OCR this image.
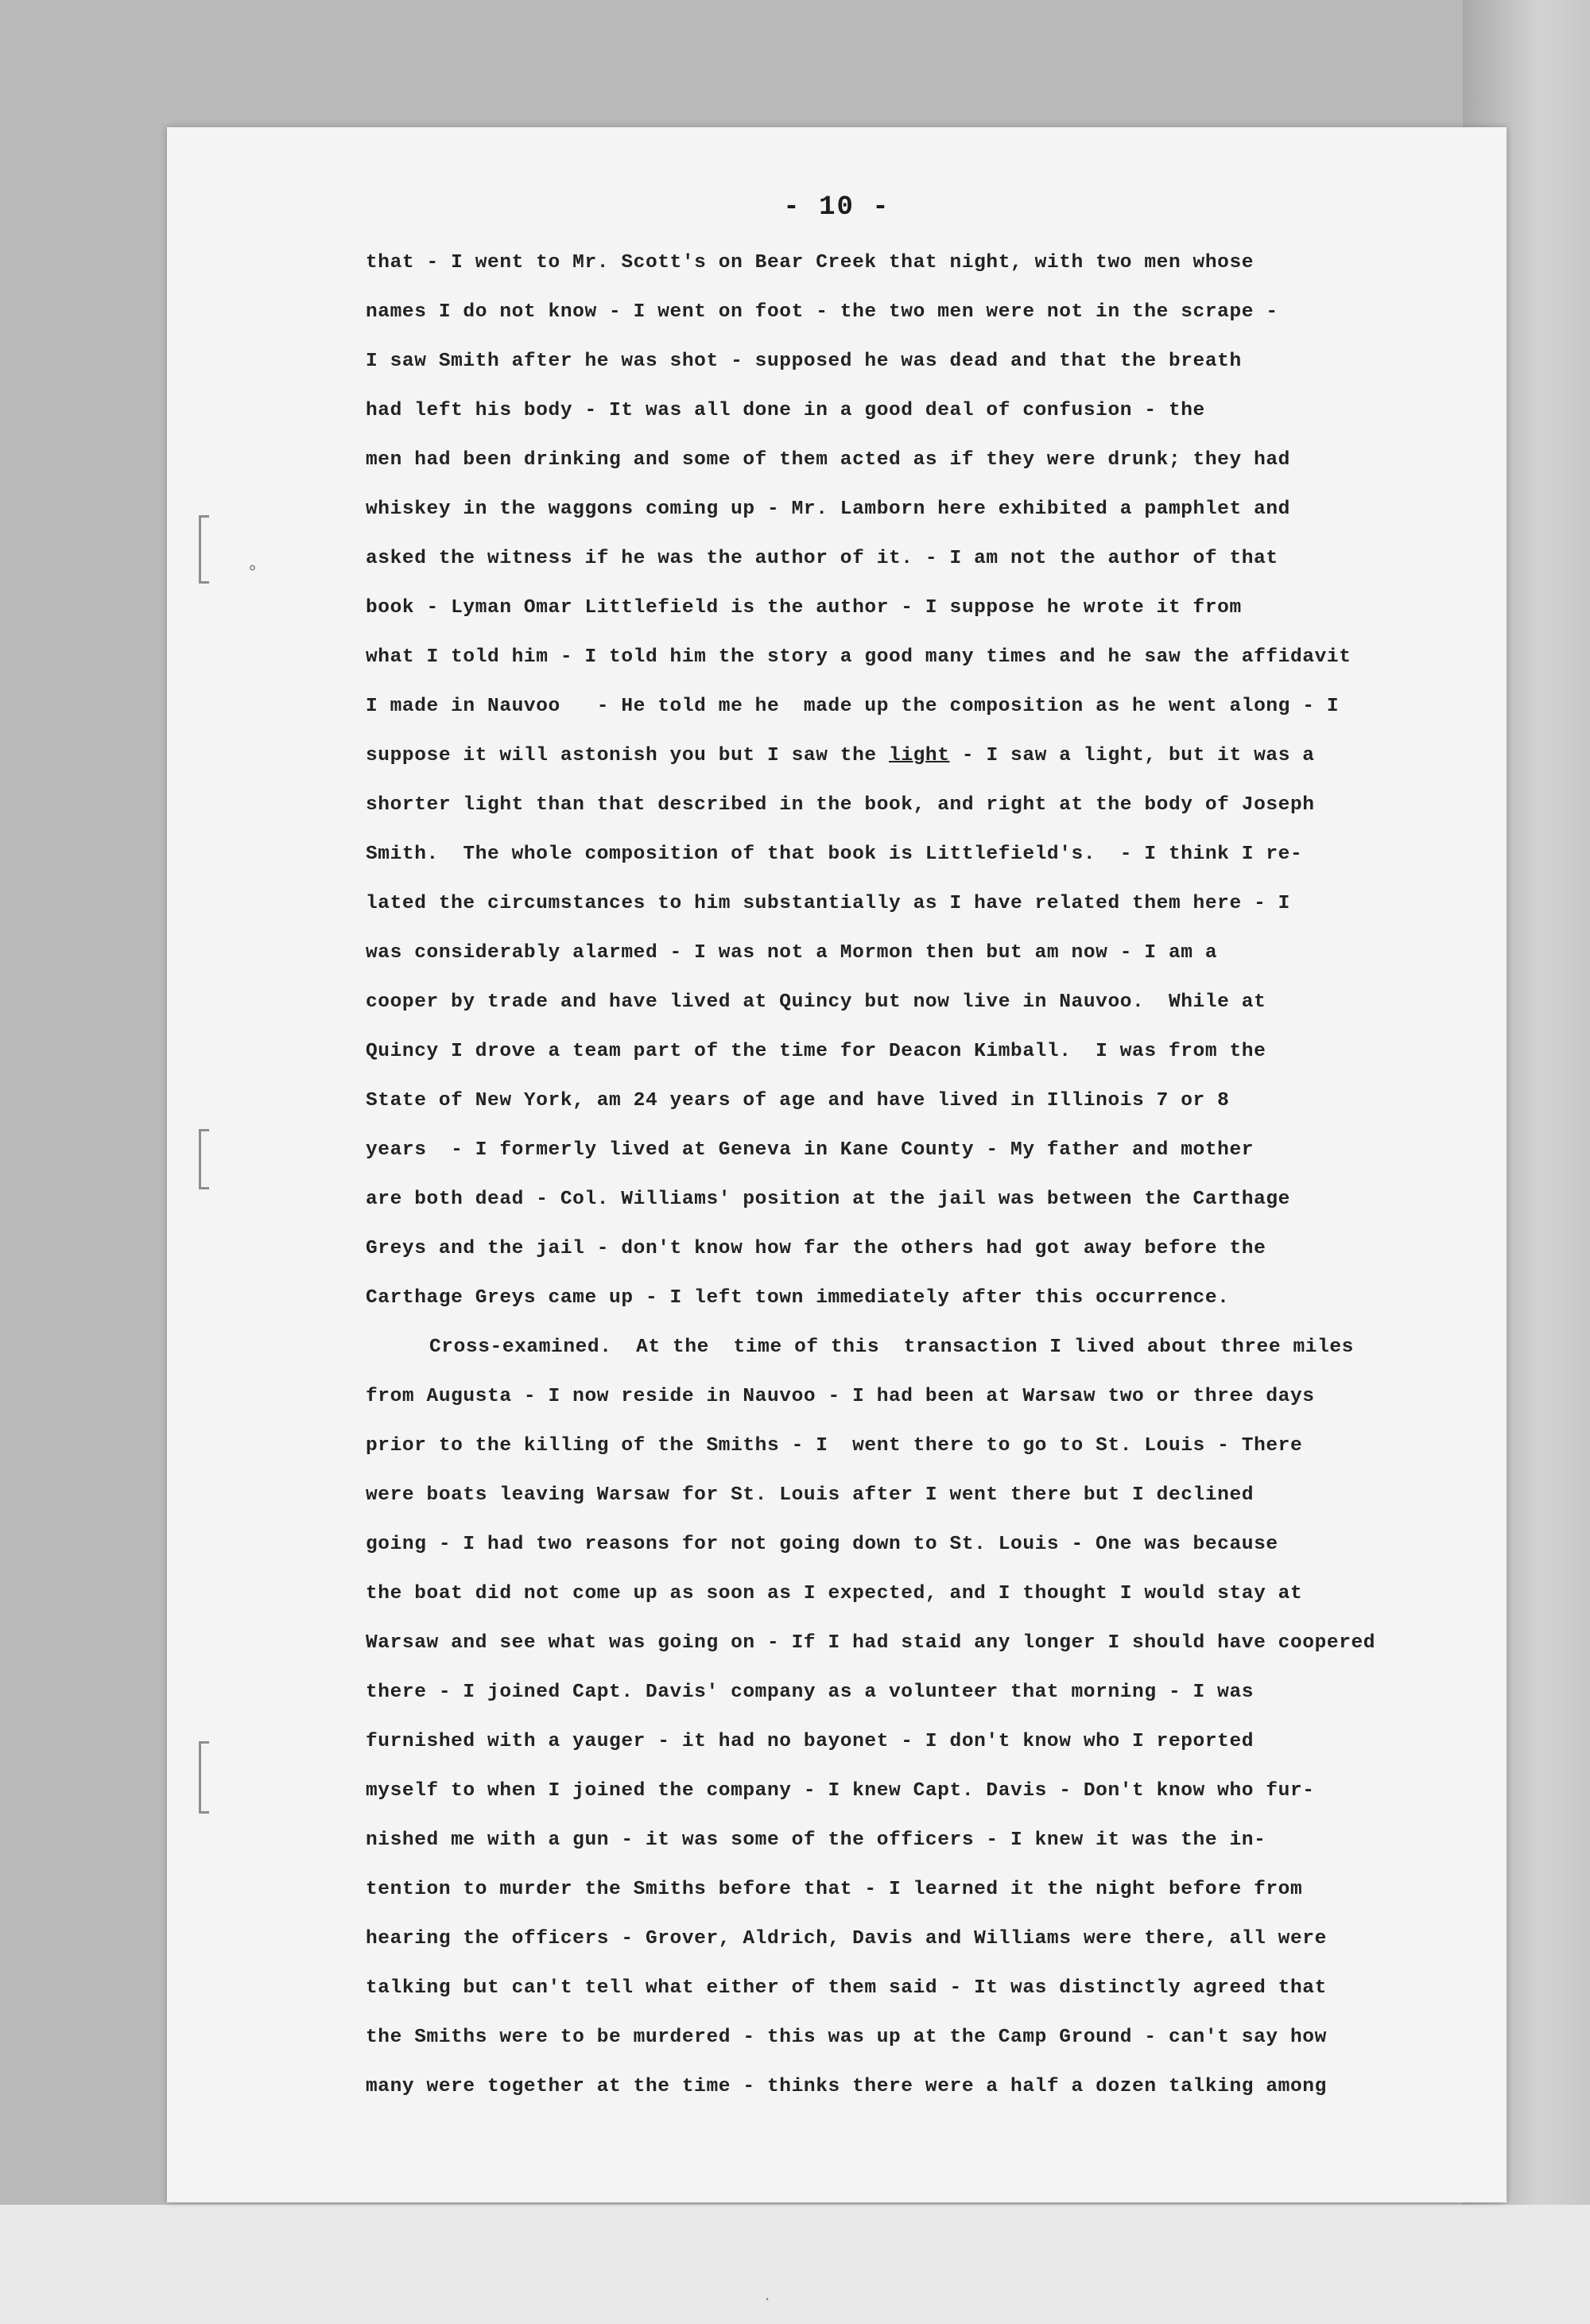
- 10 -
that - I went to Mr. Scott's on Bear Creek that night, with two men whose
names I do not know - I went on foot - the two men were not in the scrape -
I saw Smith after he was shot - supposed he was dead and that the breath
had left his body - It was all done in a good deal of confusion - the
men had been drinking and some of them acted as if they were drunk; they had
whiskey in the waggons coming up - Mr. Lamborn here exhibited a pamphlet and
asked the witness if he was the author of it. - I am not the author of that
book - Lyman Omar Littlefield is the author - I suppose he wrote it from
what I told him - I told him the story a good many times and he saw the affidavit
I made in Nauvoo   - He told me he  made up the composition as he went along - I
suppose it will astonish you but I saw the light - I saw a light, but it was a
shorter light than that described in the book, and right at the body of Joseph
Smith.  The whole composition of that book is Littlefield's.  - I think I re-
lated the circumstances to him substantially as I have related them here - I
was considerably alarmed - I was not a Mormon then but am now - I am a
cooper by trade and have lived at Quincy but now live in Nauvoo.  While at
Quincy I drove a team part of the time for Deacon Kimball.  I was from the
State of New York, am 24 years of age and have lived in Illinois 7 or 8
years  - I formerly lived at Geneva in Kane County - My father and mother
are both dead - Col. Williams' position at the jail was between the Carthage
Greys and the jail - don't know how far the others had got away before the
Carthage Greys came up - I left town immediately after this occurrence.
Cross-examined.  At the  time of this  transaction I lived about three miles
from Augusta - I now reside in Nauvoo - I had been at Warsaw two or three days
prior to the killing of the Smiths - I  went there to go to St. Louis - There
were boats leaving Warsaw for St. Louis after I went there but I declined
going - I had two reasons for not going down to St. Louis - One was because
the boat did not come up as soon as I expected, and I thought I would stay at
Warsaw and see what was going on - If I had staid any longer I should have coopered
there - I joined Capt. Davis' company as a volunteer that morning - I was
furnished with a yauger - it had no bayonet - I don't know who I reported
myself to when I joined the company - I knew Capt. Davis - Don't know who fur-
nished me with a gun - it was some of the officers - I knew it was the in-
tention to murder the Smiths before that - I learned it the night before from
hearing the officers - Grover, Aldrich, Davis and Williams were there, all were
talking but can't tell what either of them said - It was distinctly agreed that
the Smiths were to be murdered - this was up at the Camp Ground - can't say how
many were together at the time - thinks there were a half a dozen talking among
°
·
